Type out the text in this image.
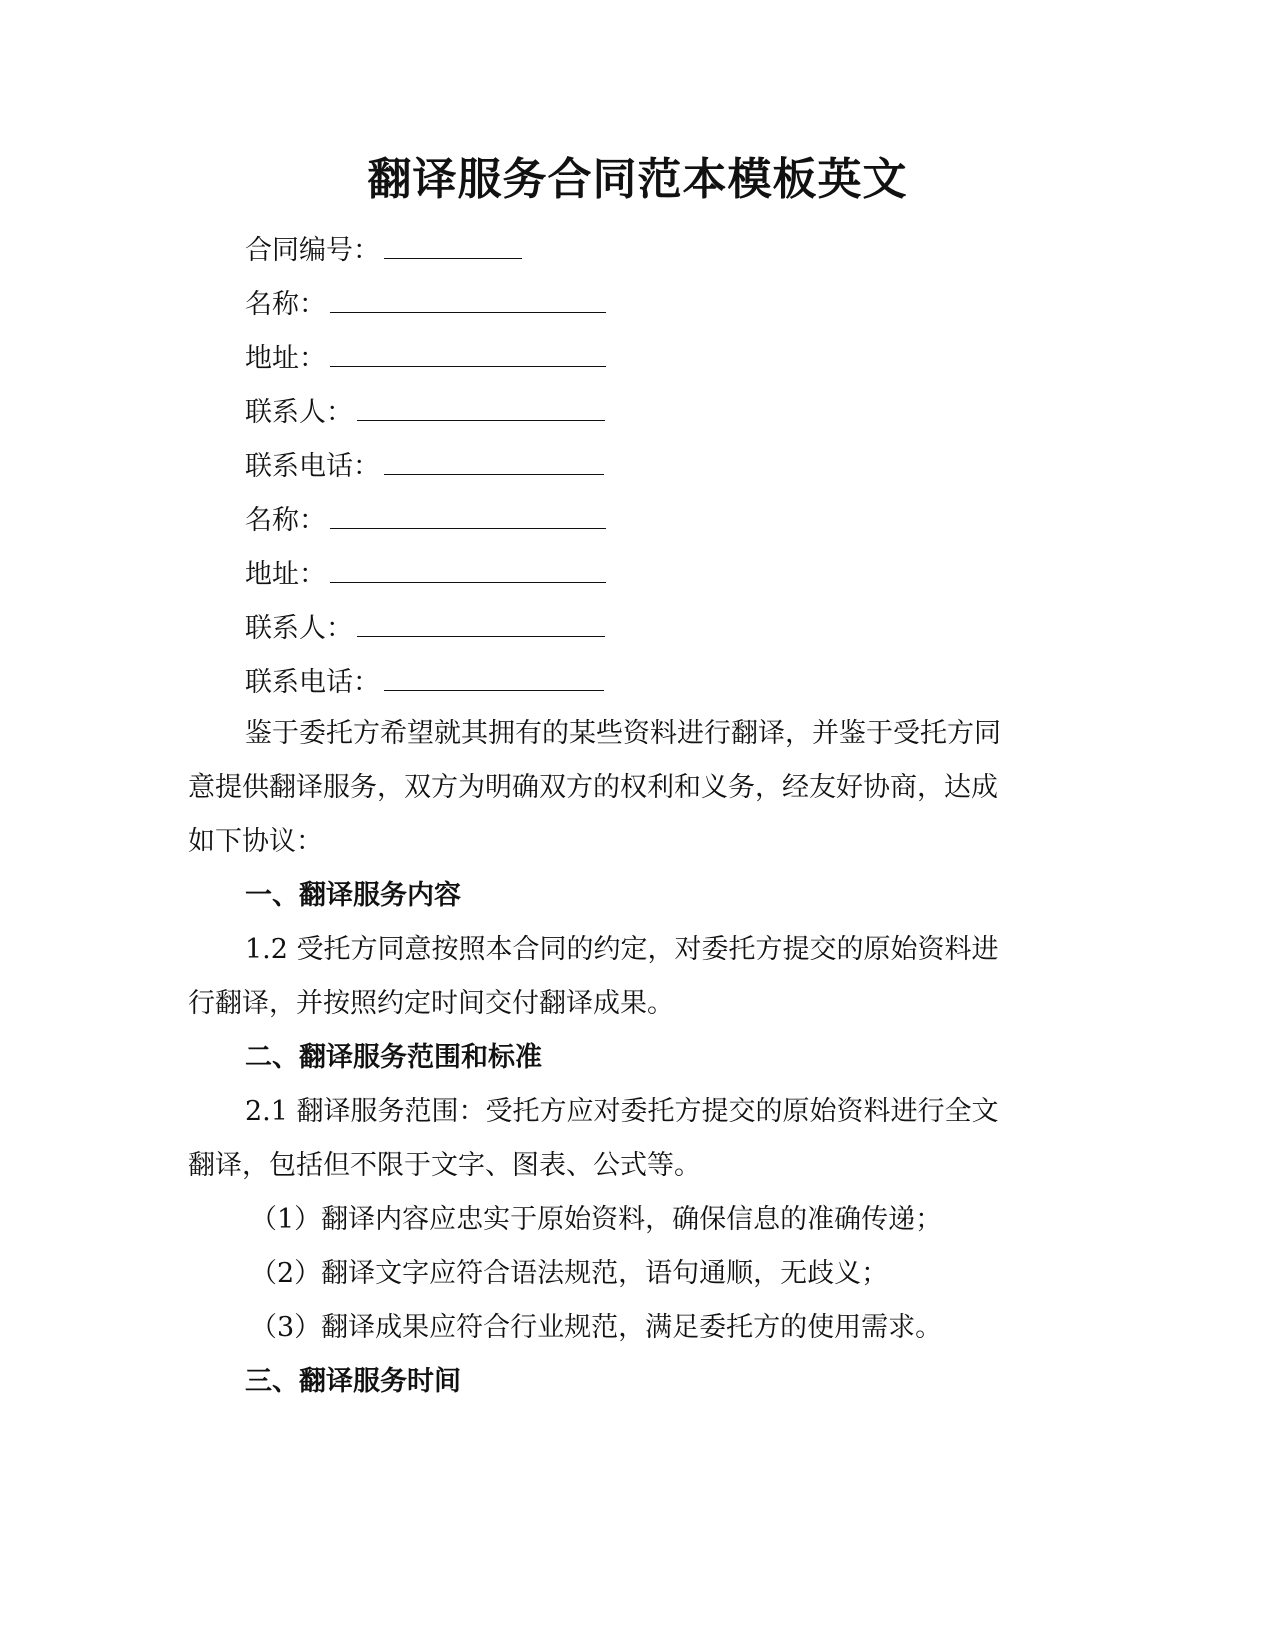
翻译服务合同范本模板英文
合同编号：
名称：
地址：
联系人：
联系电话：
名称：
地址：
联系人：
联系电话：
鉴于委托方希望就其拥有的某些资料进行翻译，并鉴于受托方同
意提供翻译服务，双方为明确双方的权利和义务，经友好协商，达成
如下协议：
一、翻译服务内容
1.2 受托方同意按照本合同的约定，对委托方提交的原始资料进
行翻译，并按照约定时间交付翻译成果。
二、翻译服务范围和标准
2.1 翻译服务范围：受托方应对委托方提交的原始资料进行全文
翻译，包括但不限于文字、图表、公式等。
（1）翻译内容应忠实于原始资料，确保信息的准确传递；
（2）翻译文字应符合语法规范，语句通顺，无歧义；
（3）翻译成果应符合行业规范，满足委托方的使用需求。
三、翻译服务时间
